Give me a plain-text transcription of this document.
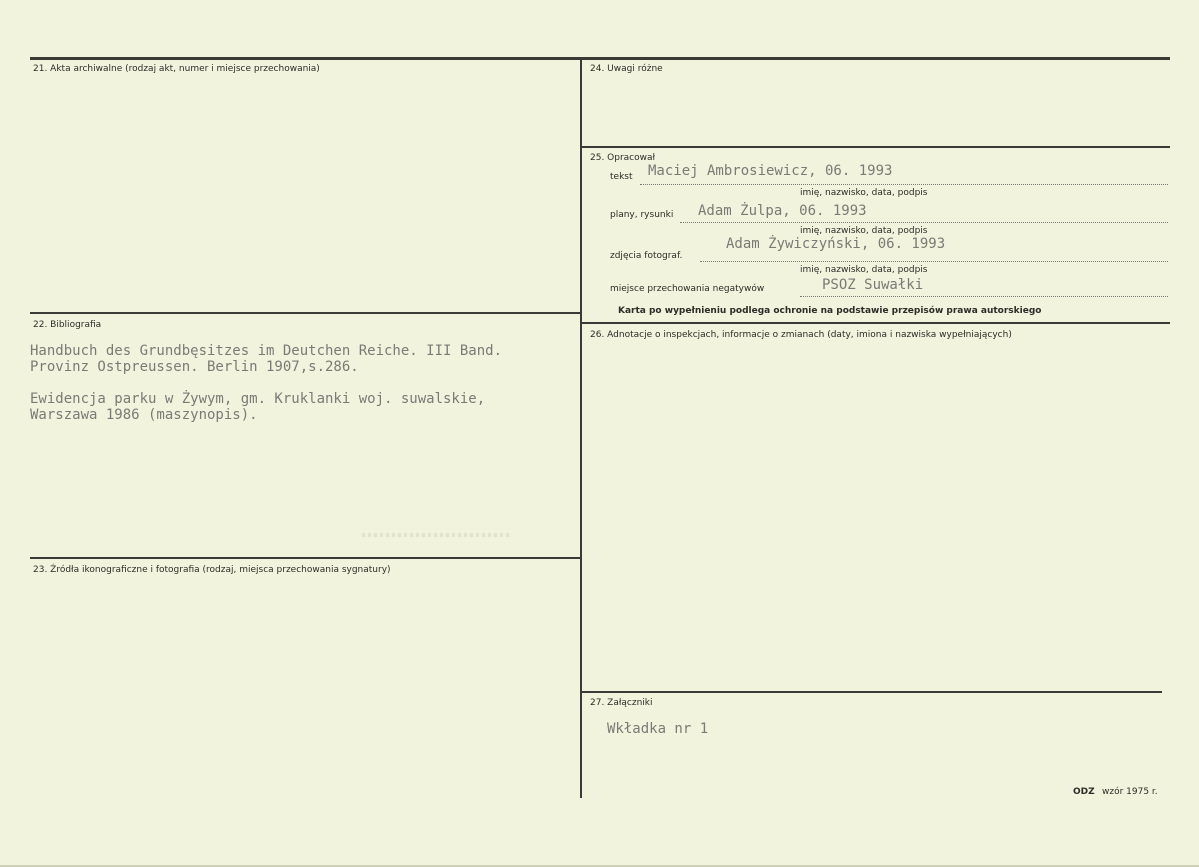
21. Akta archiwalne (rodzaj akt, numer i miejsce przechowania)	24. Uwagi różne
25. Opracował
tekst Maciej Ambrosiewicz, 06. 1993
imię, nazwisko, data, podpis
plany, rysunki Adam Żulpa, 06. 1993
imię, nazwisko, data, podpis
zdjęcia fotograf.
Adam Żywiczyński, 06. 1993
imię, nazwisko, data, podpis
miejsce przechowania negatywów	PSOZ Suwałki
Karta po wypełnieniu podlega ochronie na podstawie przepisów prawa autorskiego
22. Bibliografia
Handbuch des Grundbęsitzes im Deutchen Reiche. III Band.
Provinz Ostpreussen. Berlin 1907,s.286.
Ewidencja parku w Żywym, gm. Kruklanki woj. suwalskie,
Warszawa 1986 (maszynopis).
26. Adnotacje o inspekcjach, informacje o zmianach (daty, imiona i nazwiska wypełniających)
23. Źródła ikonograficzne i fotografia (rodzaj, miejsca przechowania sygnatury)
27. Załączniki
Wkładka nr 1
ODZ wzór 1975 r.
